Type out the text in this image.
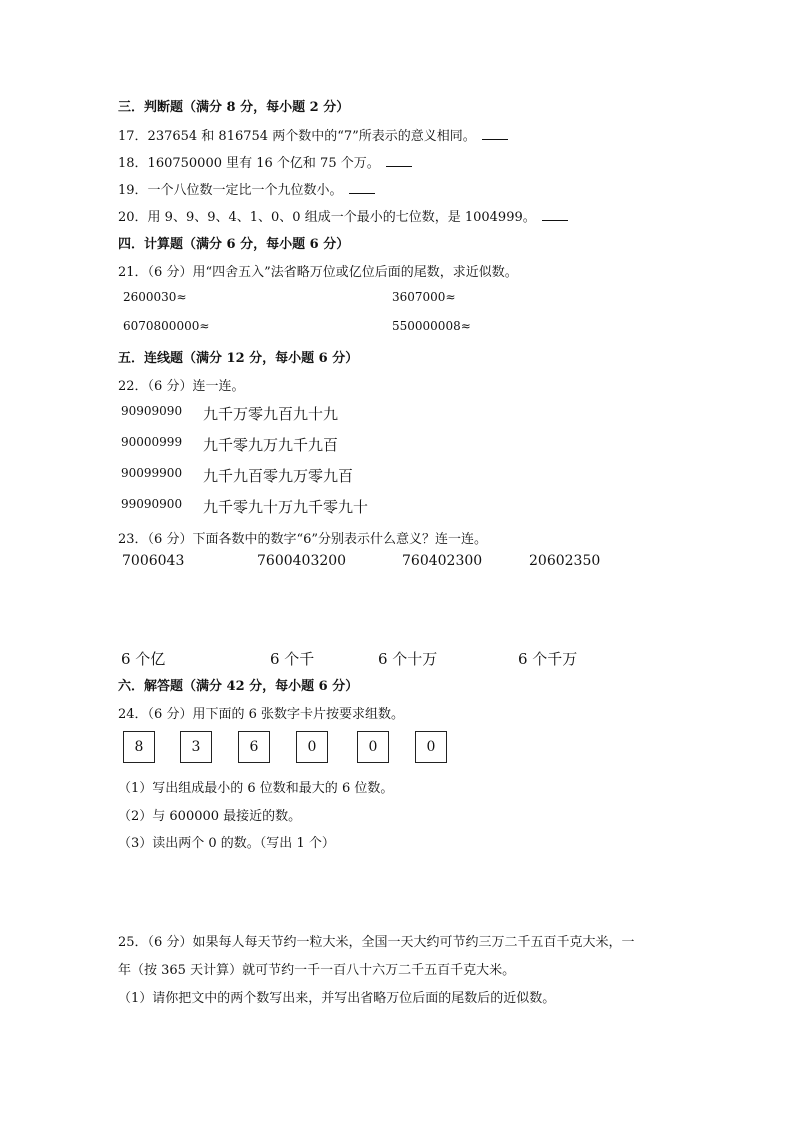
三．判断题（满分 8 分，每小题 2 分）
17．237654 和 816754 两个数中的“7”所表示的意义相同。
18．160750000 里有 16 个亿和 75 个万。
19．一个八位数一定比一个九位数小。
20．用 9、9、9、4、1、0、0 组成一个最小的七位数，是 1004999。
四．计算题（满分 6 分，每小题 6 分）
21．（6 分）用“四舍五入”法省略万位或亿位后面的尾数，求近似数。
2600030≈	3607000≈
6070800000≈	550000008≈
五．连线题（满分 12 分，每小题 6 分）
22．（6 分）连一连。
90909090 九千万零九百九十九
90000999 九千零九万九千九百
90099900 九千九百零九万零九百
99090900 九千零九十万九千零九十
23．（6 分）下面各数中的数字“6”分别表示什么意义？连一连。
7006043	7600403200	760402300	20602350
6 个亿	6 个千	6 个十万	6 个千万
六．解答题（满分 42 分，每小题 6 分）
24．（6 分）用下面的 6 张数字卡片按要求组数。
8	3	6	0	0	0
（1）写出组成最小的 6 位数和最大的 6 位数。
（2）与 600000 最接近的数。
（3）读出两个 0 的数。（写出 1 个）
25．（6 分）如果每人每天节约一粒大米，全国一天大约可节约三万二千五百千克大米，一
年（按 365 天计算）就可节约一千一百八十六万二千五百千克大米。
（1）请你把文中的两个数写出来，并写出省略万位后面的尾数后的近似数。
